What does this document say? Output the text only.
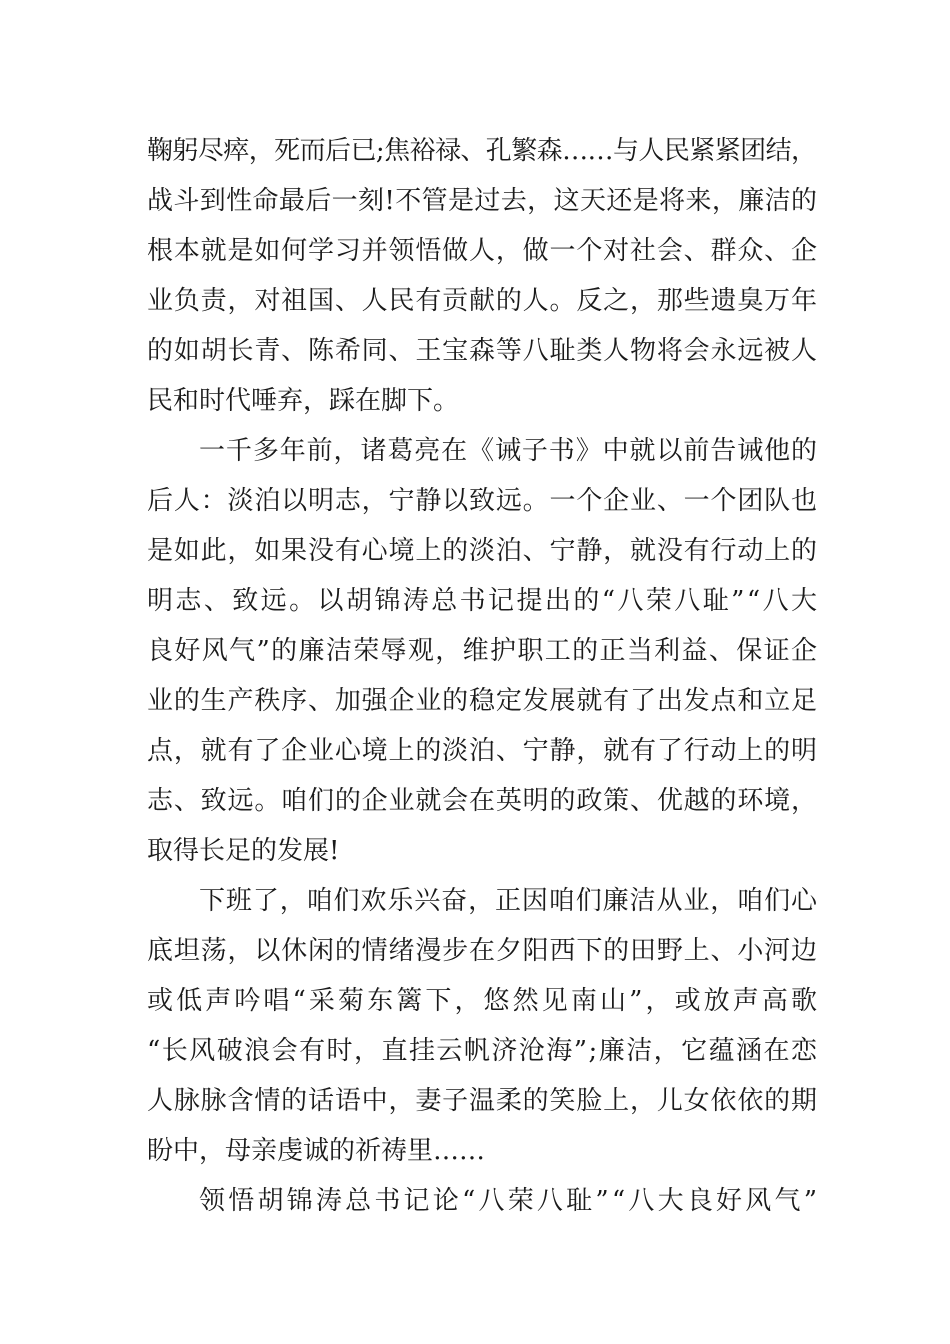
鞠躬尽瘁，死而后已;焦裕禄、孔繁森……与人民紧紧团结，
战斗到性命最后一刻!不管是过去，这天还是将来，廉洁的
根本就是如何学习并领悟做人，做一个对社会、群众、企
业负责，对祖国、人民有贡献的人。反之，那些遗臭万年
的如胡长青、陈希同、王宝森等八耻类人物将会永远被人
民和时代唾弃，踩在脚下。
一千多年前，诸葛亮在《诫子书》中就以前告诫他的
后人：淡泊以明志，宁静以致远。一个企业、一个团队也
是如此，如果没有心境上的淡泊、宁静，就没有行动上的
明志、致远。以胡锦涛总书记提出的“八荣八耻”“八大
良好风气”的廉洁荣辱观，维护职工的正当利益、保证企
业的生产秩序、加强企业的稳定发展就有了出发点和立足
点，就有了企业心境上的淡泊、宁静，就有了行动上的明
志、致远。咱们的企业就会在英明的政策、优越的环境，
取得长足的发展!
下班了，咱们欢乐兴奋，正因咱们廉洁从业，咱们心
底坦荡，以休闲的情绪漫步在夕阳西下的田野上、小河边
或低声吟唱“采菊东篱下，悠然见南山”，或放声高歌
“长风破浪会有时，直挂云帆济沧海”;廉洁，它蕴涵在恋
人脉脉含情的话语中，妻子温柔的笑脸上，儿女依依的期
盼中，母亲虔诚的祈祷里……
领悟胡锦涛总书记论“八荣八耻”“八大良好风气”
